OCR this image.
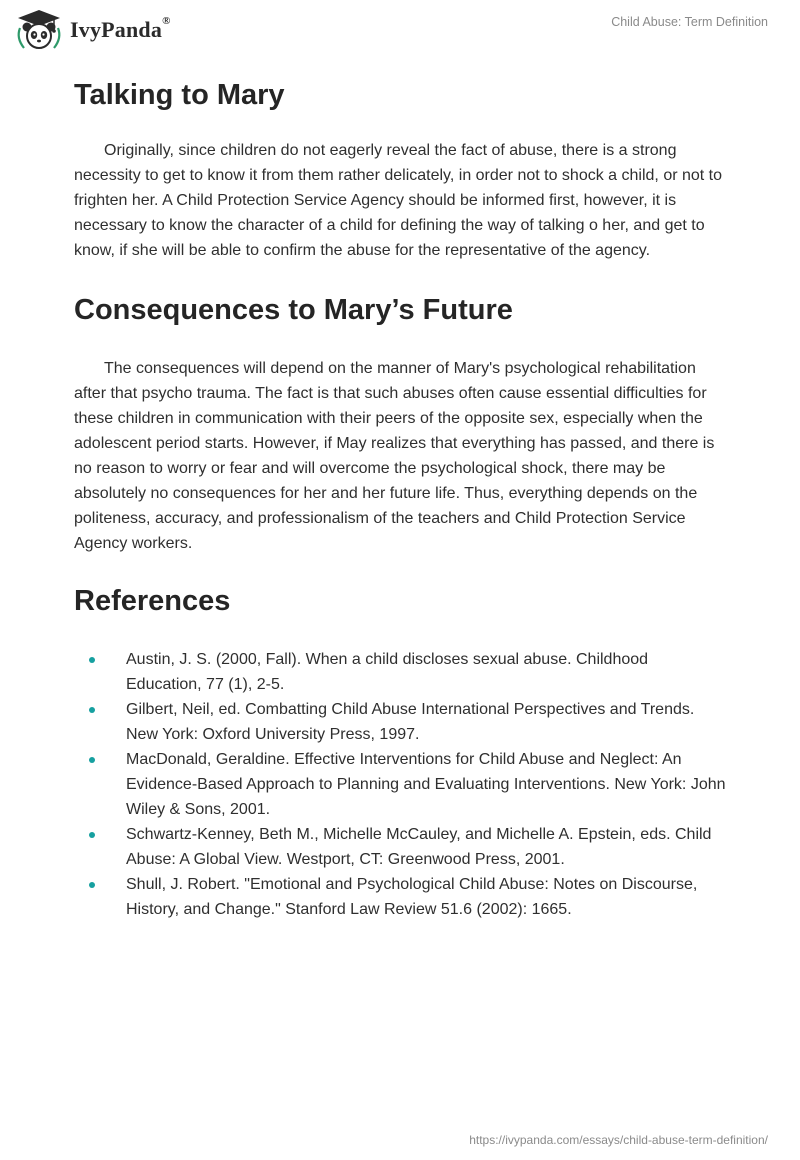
IvyPanda®	Child Abuse: Term Definition
Talking to Mary

Originally, since children do not eagerly reveal the fact of abuse, there is a strong necessity to get to know it from them rather delicately, in order not to shock a child, or not to frighten her. A Child Protection Service Agency should be informed first, however, it is necessary to know the character of a child for defining the way of talking o her, and get to know, if she will be able to confirm the abuse for the representative of the agency.

Consequences to Mary’s Future

The consequences will depend on the manner of Mary's psychological rehabilitation after that psycho trauma. The fact is that such abuses often cause essential difficulties for these children in communication with their peers of the opposite sex, especially when the adolescent period starts. However, if May realizes that everything has passed, and there is no reason to worry or fear and will overcome the psychological shock, there may be absolutely no consequences for her and her future life. Thus, everything depends on the politeness, accuracy, and professionalism of the teachers and Child Protection Service Agency workers.

References
Austin, J. S. (2000, Fall). When a child discloses sexual abuse. Childhood Education, 77 (1), 2-5.
Gilbert, Neil, ed. Combatting Child Abuse International Perspectives and Trends. New York: Oxford University Press, 1997.
MacDonald, Geraldine. Effective Interventions for Child Abuse and Neglect: An Evidence-Based Approach to Planning and Evaluating Interventions. New York: John Wiley & Sons, 2001.
Schwartz-Kenney, Beth M., Michelle McCauley, and Michelle A. Epstein, eds. Child Abuse: A Global View. Westport, CT: Greenwood Press, 2001.
Shull, J. Robert. "Emotional and Psychological Child Abuse: Notes on Discourse, History, and Change." Stanford Law Review 51.6 (2002): 1665.
https://ivypanda.com/essays/child-abuse-term-definition/
